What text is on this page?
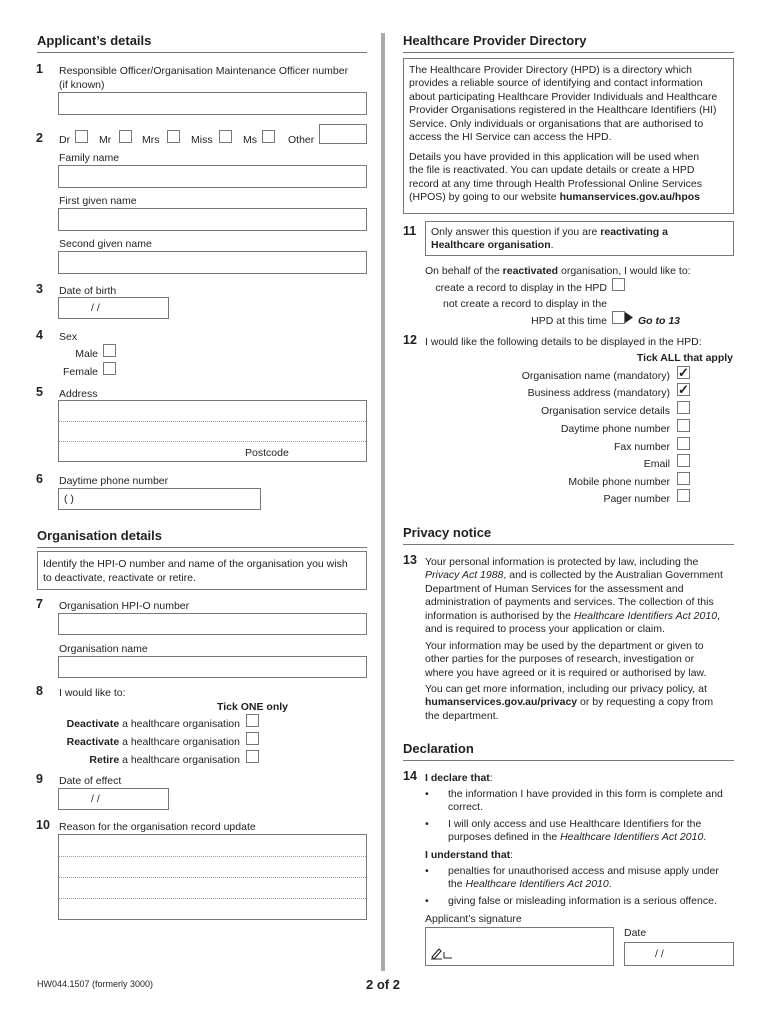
Applicant’s details
1 Responsible Officer/Organisation Maintenance Officer number
(if known)
2 Dr	Mr	Mrs	Miss	Ms	Other
Family name
First given name
Second given name
3 Date of birth
/ /
4 Sex
Male
Female
5 Address
Postcode
6 Daytime phone number
( )
Organisation details
Identify the HPI-O number and name of the organisation you wish
to deactivate, reactivate or retire.
7 Organisation HPI-O number
Organisation name
8 I would like to:
Tick ONE only
Deactivate a healthcare organisation
Reactivate a healthcare organisation
Retire a healthcare organisation
9 Date of effect
/ /
10 Reason for the organisation record update
HW044.1507 (formerly 3000)	2 of 2
Healthcare Provider Directory
The Healthcare Provider Directory (HPD) is a directory which
provides a reliable source of identifying and contact information
about participating Healthcare Provider Individuals and Healthcare
Provider Organisations registered in the Healthcare Identifiers (HI)
Service. Only individuals or organisations that are authorised to
access the HI Service can access the HPD.
Details you have provided in this application will be used when
the file is reactivated. You can update details or create a HPD
record at any time through Health Professional Online Services
(HPOS) by going to our website humanservices.gov.au/hpos
11 Only answer this question if you are reactivating a
Healthcare organisation.
On behalf of the reactivated organisation, I would like to:
create a record to display in the HPD
not create a record to display in the
HPD at this time	Go to 13
12 I would like the following details to be displayed in the HPD:
Tick ALL that apply
Organisation name (mandatory) ✓
Business address (mandatory) ✓
Organisation service details
Daytime phone number
Fax number
Email
Mobile phone number
Pager number
Privacy notice
13 Your personal information is protected by law, including the
Privacy Act 1988, and is collected by the Australian Government
Department of Human Services for the assessment and
administration of payments and services. The collection of this
information is authorised by the Healthcare Identifiers Act 2010,
and is required to process your application or claim.
Your information may be used by the department or given to
other parties for the purposes of research, investigation or
where you have agreed or it is required or authorised by law.
You can get more information, including our privacy policy, at
humanservices.gov.au/privacy or by requesting a copy from
the department.
Declaration
14 I declare that:
• the information I have provided in this form is complete and
correct.
• I will only access and use Healthcare Identifiers for the
purposes defined in the Healthcare Identifiers Act 2010.
I understand that:
• penalties for unauthorised access and misuse apply under
the Healthcare Identifiers Act 2010.
• giving false or misleading information is a serious offence.
Applicant’s signature
Date
/ /
